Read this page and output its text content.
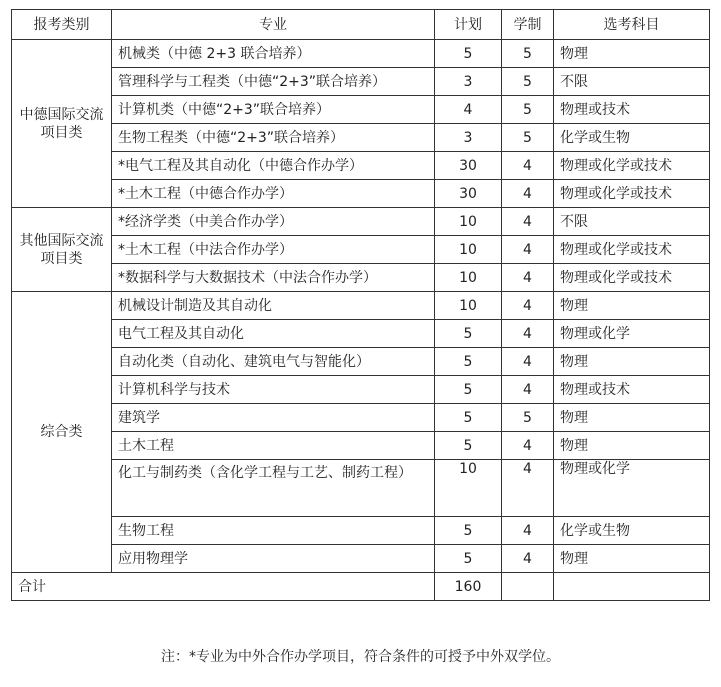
报考类别	专业	计划	学制	选考科目
中德国际交流项目类	机械类（中德 2+3 联合培养）	5	5	物理
	管理科学与工程类（中德“2+3”联合培养）	3	5	不限
	计算机类（中德“2+3”联合培养）	4	5	物理或技术
	生物工程类（中德“2+3”联合培养）	3	5	化学或生物
	*电气工程及其自动化（中德合作办学）	30	4	物理或化学或技术
	*土木工程（中德合作办学）	30	4	物理或化学或技术
其他国际交流项目类	*经济学类（中美合作办学）	10	4	不限
	*土木工程（中法合作办学）	10	4	物理或化学或技术
	*数据科学与大数据技术（中法合作办学）	10	4	物理或化学或技术
综合类	机械设计制造及其自动化	10	4	物理
	电气工程及其自动化	5	4	物理或化学
	自动化类（自动化、建筑电气与智能化）	5	4	物理
	计算机科学与技术	5	4	物理或技术
	建筑学	5	5	物理
	土木工程	5	4	物理
	化工与制药类（含化学工程与工艺、制药工程）	10	4	物理或化学
	生物工程	5	4	化学或生物
	应用物理学	5	4	物理
合计		160		
注：*专业为中外合作办学项目，符合条件的可授予中外双学位。
